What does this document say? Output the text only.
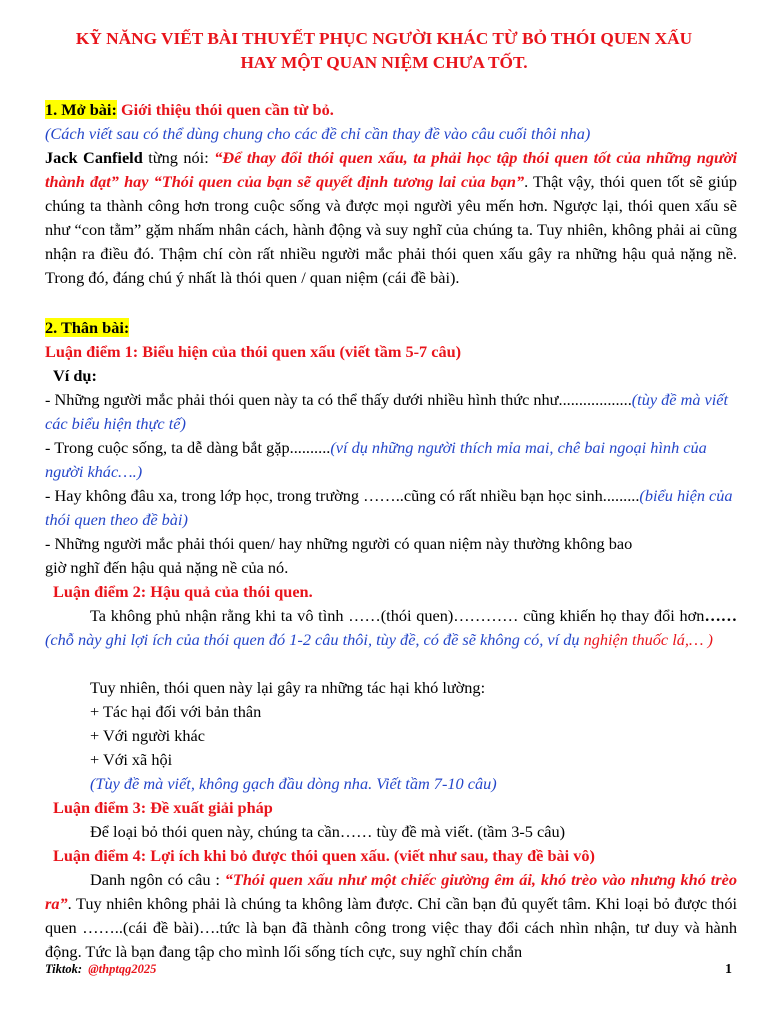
KỸ NĂNG VIẾT BÀI THUYẾT PHỤC NGƯỜI KHÁC TỪ BỎ THÓI QUEN XẤU
HAY MỘT QUAN NIỆM CHƯA TỐT.
1. Mở bài: Giới thiệu thói quen cần từ bỏ.
(Cách viết sau có thể dùng chung cho các đề chỉ cần thay đề vào câu cuối thôi nha)
Jack Canfield từng nói: “Để thay đổi thói quen xấu, ta phải học tập thói quen tốt của những người thành đạt” hay “Thói quen của bạn sẽ quyết định tương lai của bạn”. Thật vậy, thói quen tốt sẽ giúp chúng ta thành công hơn trong cuộc sống và được mọi người yêu mến hơn. Ngược lại, thói quen xấu sẽ như “con tằm” gặm nhấm nhân cách, hành động và suy nghĩ của chúng ta. Tuy nhiên, không phải ai cũng nhận ra điều đó. Thậm chí còn rất nhiều người mắc phải thói quen xấu gây ra những hậu quả nặng nề. Trong đó, đáng chú ý nhất là thói quen / quan niệm (cái đề bài).
2. Thân bài:
Luận điểm 1: Biểu hiện của thói quen xấu (viết tầm 5-7 câu)
Ví dụ:
- Những người mắc phải thói quen này ta có thể thấy dưới nhiều hình thức như..................(tùy đề mà viết các biểu hiện thực tế)
- Trong cuộc sống, ta dễ dàng bắt gặp..........(ví dụ những người thích mỉa mai, chê bai ngoại hình của người khác….)
- Hay không đâu xa, trong lớp học, trong trường ……..cũng có rất nhiều bạn học sinh.........(biểu hiện của thói quen theo đề bài)
- Những người mắc phải thói quen/ hay những người có quan niệm này thường không bao
giờ nghĩ đến hậu quả nặng nề của nó.
Luận điểm 2: Hậu quả của thói quen.
Ta không phủ nhận rằng khi ta vô tình ……(thói quen)………… cũng khiến họ thay đổi hơn……(chỗ này ghi lợi ích của thói quen đó 1-2 câu thôi, tùy đề, có đề sẽ không có, ví dụ nghiện thuốc lá,… )
Tuy nhiên, thói quen này lại gây ra những tác hại khó lường:
+ Tác hại đối với bản thân
+ Với người khác
+ Với xã hội
(Tùy đề mà viết, không gạch đầu dòng nha. Viết tầm 7-10 câu)
Luận điểm 3: Đề xuất giải pháp
Để loại bỏ thói quen này, chúng ta cần…… tùy đề mà viết. (tầm 3-5 câu)
Luận điểm 4: Lợi ích khi bỏ được thói quen xấu. (viết như sau, thay đề bài vô)
Danh ngôn có câu : “Thói quen xấu như một chiếc giường êm ái, khó trèo vào nhưng khó trèo ra”. Tuy nhiên không phải là chúng ta không làm được. Chỉ cần bạn đủ quyết tâm. Khi loại bỏ được thói quen ……..(cái đề bài)….tức là bạn đã thành công trong việc thay đổi cách nhìn nhận, tư duy và hành động. Tức là bạn đang tập cho mình lối sống tích cực, suy nghĩ chín chắn
Tiktok: @thptqg2025	1
